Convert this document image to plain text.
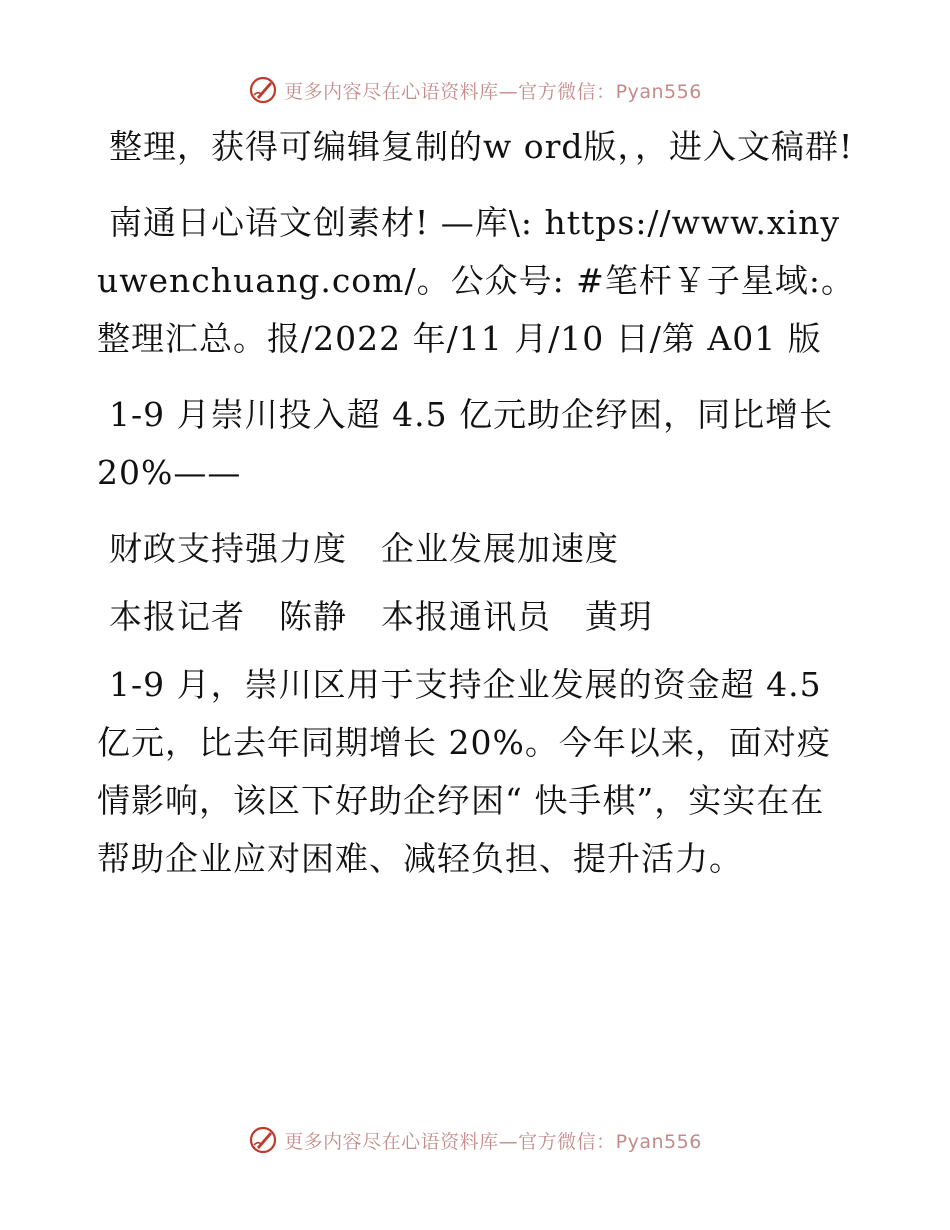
更多内容尽在心语资料库—官方微信：Pyan556

整理，获得可编辑复制的w ord版，，进入文稿群!

南通日心语文创素材! —库\: https://www.xinyuwenchuang.com/。公众号: #笔杆￥子星域:。整理汇总。报/2022 年/11 月/10 日/第 A01 版

1-9 月崇川投入超 4.5 亿元助企纾困，同比增长 20%——

财政支持强力度　企业发展加速度

本报记者　陈静　本报通讯员　黄玥

1-9 月，崇川区用于支持企业发展的资金超 4.5 亿元，比去年同期增长 20%。今年以来，面对疫情影响，该区下好助企纾困“ 快手棋”，实实在在帮助企业应对困难、减轻负担、提升活力。

更多内容尽在心语资料库—官方微信：Pyan556
